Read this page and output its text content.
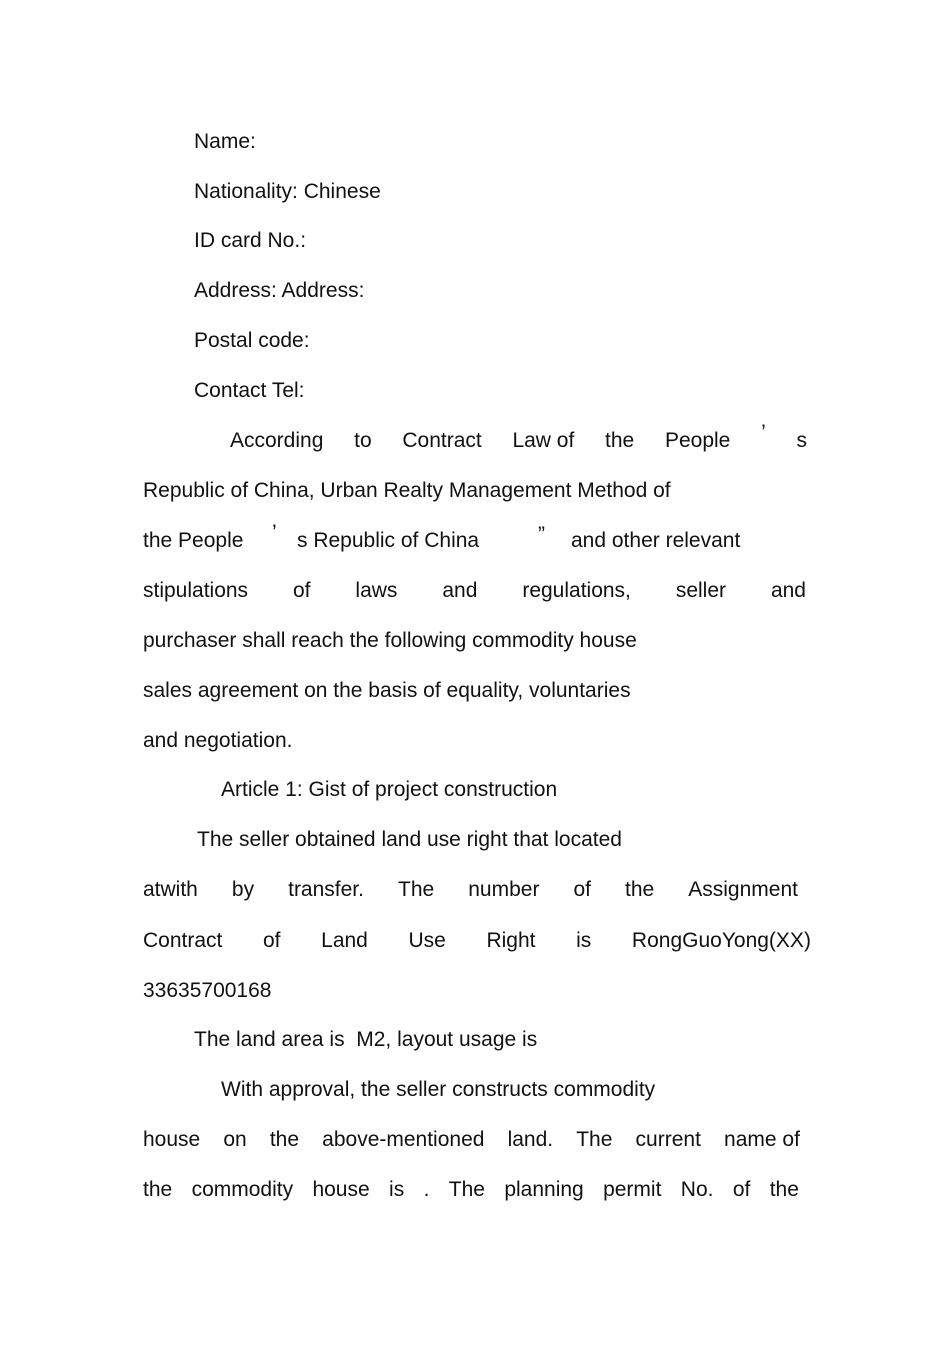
Name:
Nationality: Chinese
ID card No.:
Address: Address:
Postal code:
Contact Tel:
According to Contract Law of the People ’ s
Republic of China, Urban Realty Management Method of
the People ’ s Republic of China	” and other relevant
stipulations of laws and regulations, seller and
purchaser shall reach the following commodity house
sales agreement on the basis of equality, voluntaries
and negotiation.
Article 1: Gist of project construction
The seller obtained land use right that located
atwith by transfer. The number of the Assignment
Contract of Land Use Right is RongGuoYong(XX)
33635700168
The land area is  M2, layout usage is
With approval, the seller constructs commodity
house on the above-mentioned land. The current name of
the commodity house is . The planning permit No. of the
